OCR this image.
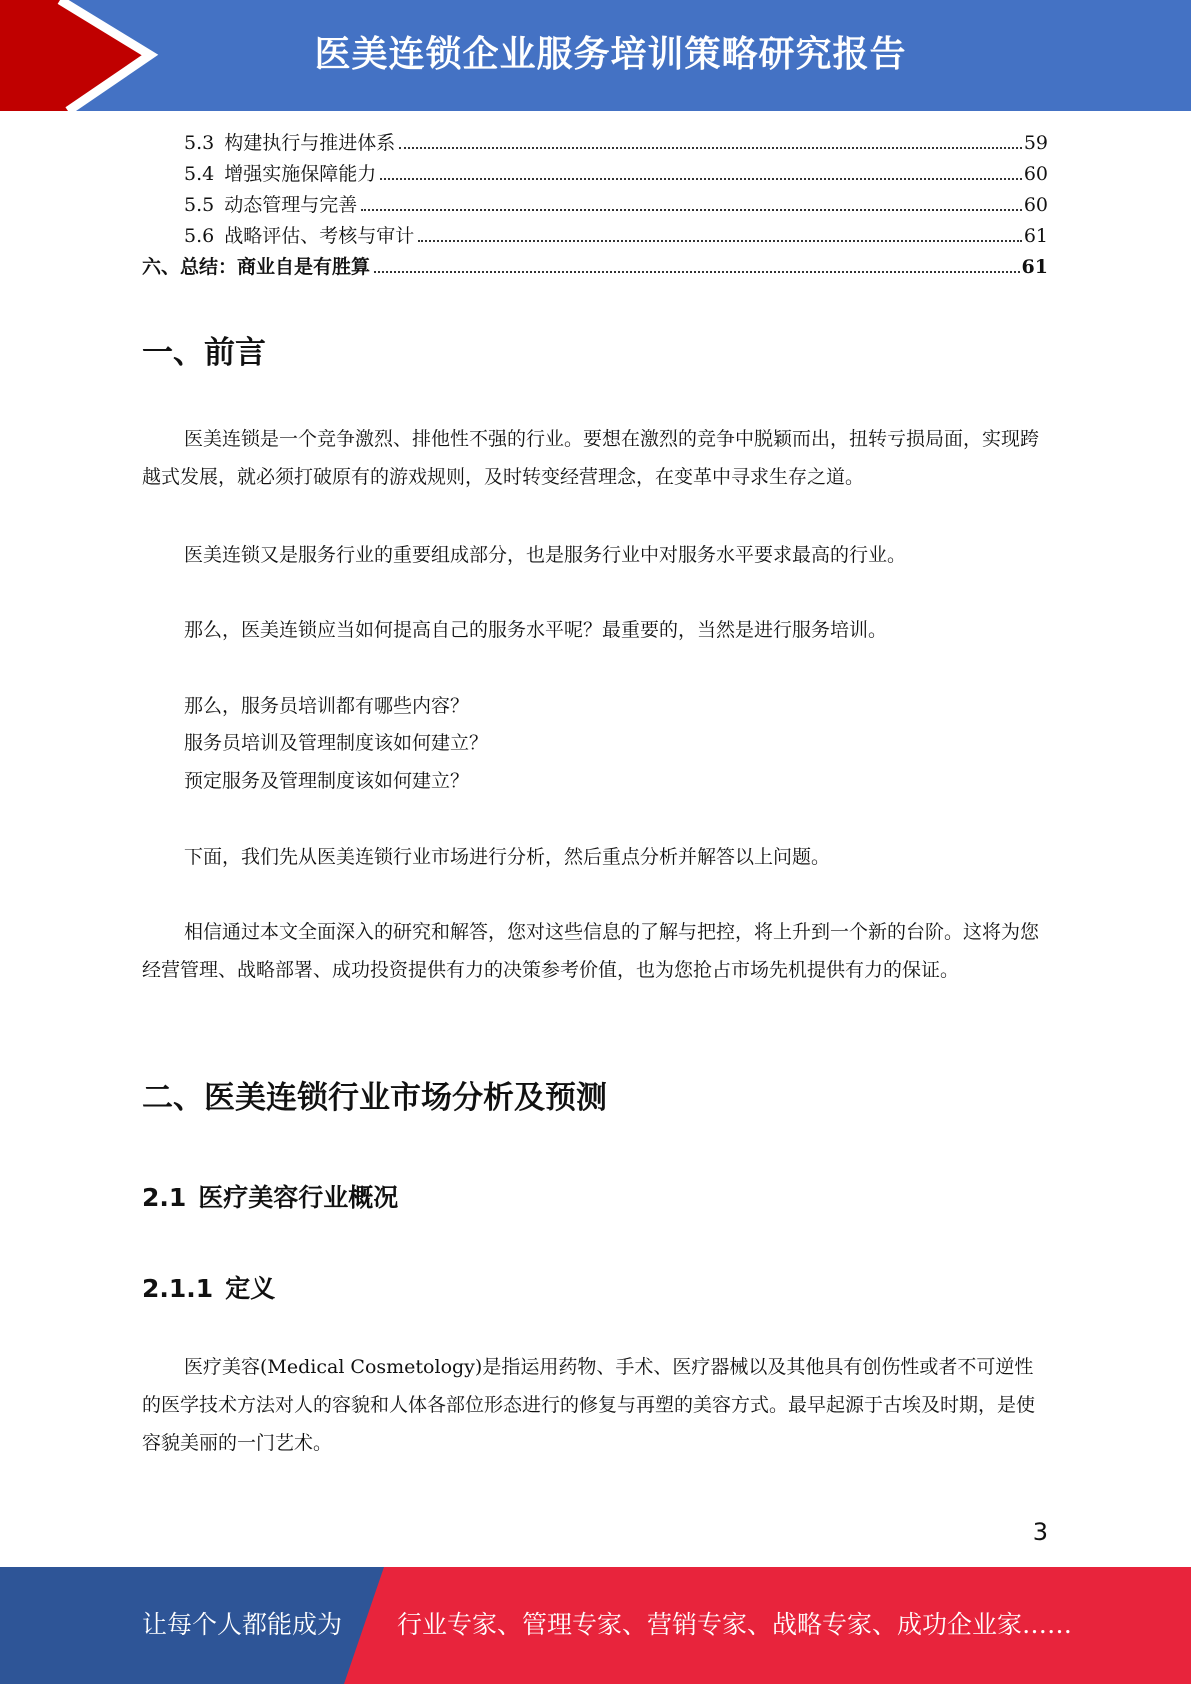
医美连锁企业服务培训策略研究报告
5.3 构建执行与推进体系	59
5.4 增强实施保障能力	60
5.5 动态管理与完善	60
5.6 战略评估、考核与审计	61
六、总结：商业自是有胜算	61
一、前言
医美连锁是一个竞争激烈、排他性不强的行业。要想在激烈的竞争中脱颖而出，扭转亏损局面，实现跨越式发展，就必须打破原有的游戏规则，及时转变经营理念，在变革中寻求生存之道。
医美连锁又是服务行业的重要组成部分，也是服务行业中对服务水平要求最高的行业。
那么，医美连锁应当如何提高自己的服务水平呢？最重要的，当然是进行服务培训。
那么，服务员培训都有哪些内容？
服务员培训及管理制度该如何建立？
预定服务及管理制度该如何建立？
下面，我们先从医美连锁行业市场进行分析，然后重点分析并解答以上问题。
相信通过本文全面深入的研究和解答，您对这些信息的了解与把控，将上升到一个新的台阶。这将为您经营管理、战略部署、成功投资提供有力的决策参考价值，也为您抢占市场先机提供有力的保证。
二、医美连锁行业市场分析及预测
2.1 医疗美容行业概况
2.1.1 定义
医疗美容(Medical Cosmetology)是指运用药物、手术、医疗器械以及其他具有创伤性或者不可逆性的医学技术方法对人的容貌和人体各部位形态进行的修复与再塑的美容方式。最早起源于古埃及时期，是使容貌美丽的一门艺术。
3
让每个人都能成为 行业专家、管理专家、营销专家、战略专家、成功企业家……
